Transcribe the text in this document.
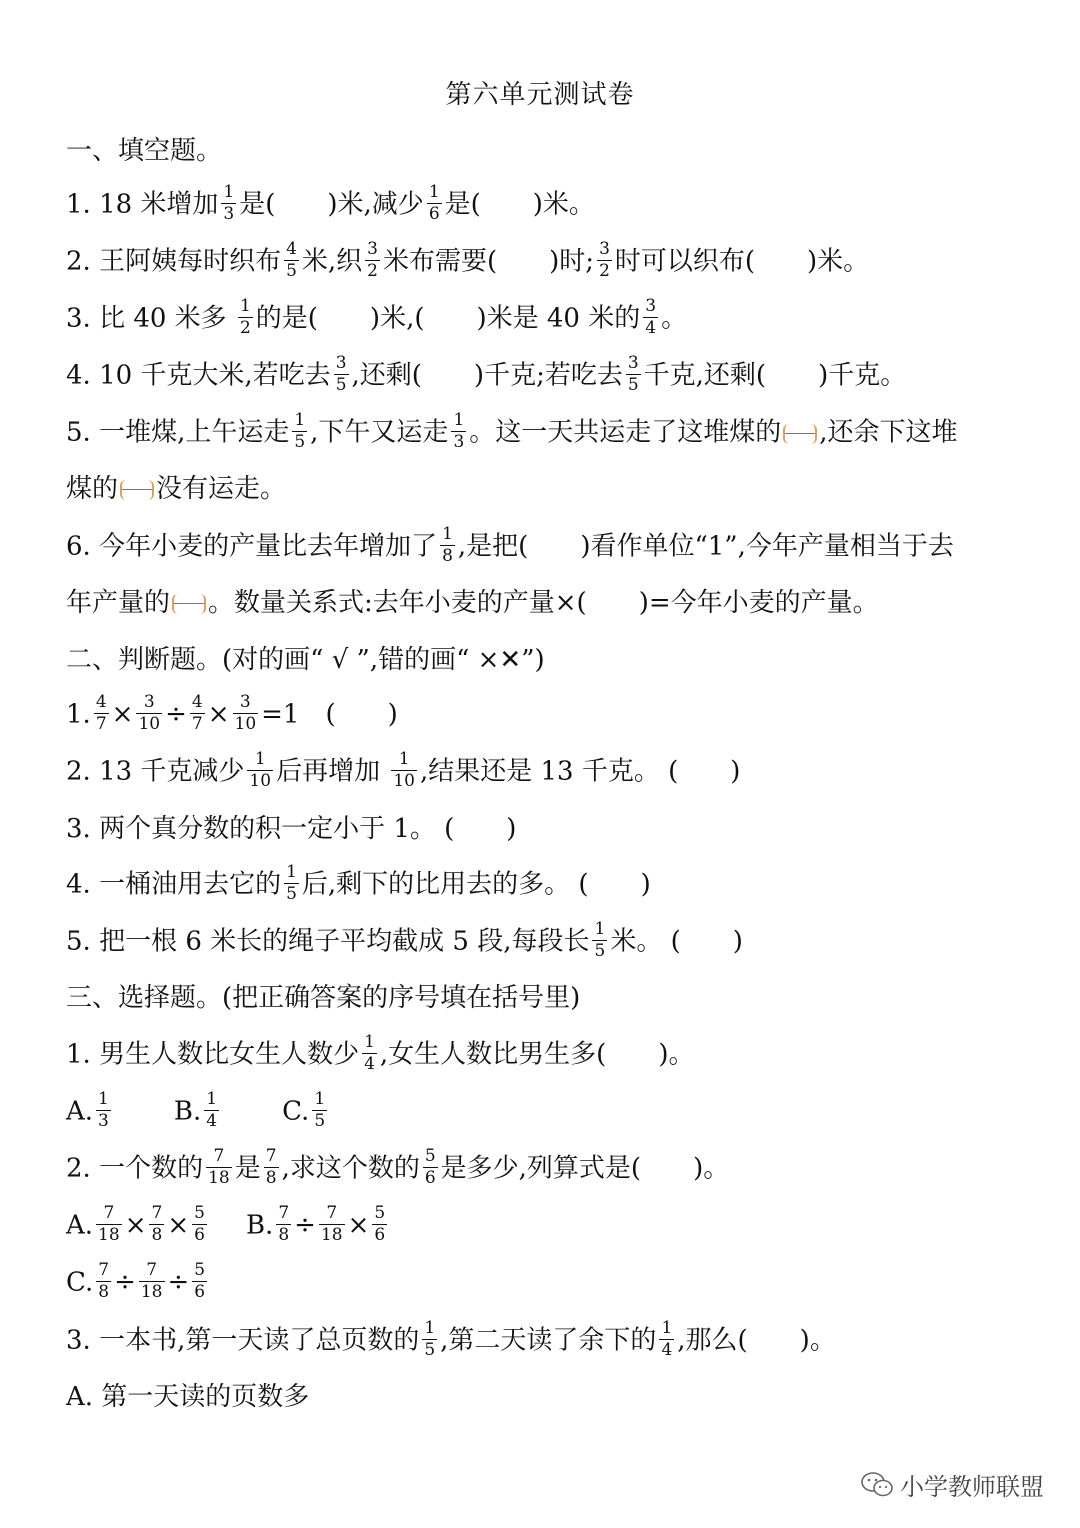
第六单元测试卷
一、填空题。
1. 18 米增加 $\frac{1}{3}$ 是(　　)米,减少 $\frac{1}{6}$ 是(　　)米。
2. 王阿姨每时织布 $\frac{4}{5}$ 米,织 $\frac{3}{2}$ 米布需要(　　)时; $\frac{3}{2}$ 时可以织布(　　)米。
3. 比 40 米多 $\frac{1}{2}$ 的是(　　)米,(　　)米是 40 米的 $\frac{3}{4}$ 。
4. 10 千克大米,若吃去 $\frac{3}{5}$ ,还剩(　　)千克;若吃去 $\frac{3}{5}$ 千克,还剩(　　)千克。
5. 一堆煤,上午运走 $\frac{1}{5}$ ,下午又运走 $\frac{1}{3}$ 。这一天共运走了这堆煤的 ,还余下这堆
煤的 没有运走。
6. 今年小麦的产量比去年增加了 $\frac{1}{8}$ ,是把(　　)看作单位“1”,今年产量相当于去
年产量的 。数量关系式:去年小麦的产量×(　　)=今年小麦的产量。
二、判断题。(对的画“ √ ”,错的画“ ×✕”)
1. $\frac{4}{7} \times \frac{3}{10} \div \frac{4}{7} \times \frac{3}{10} =1$　(　　)
2. 13 千克减少 $\frac{1}{10}$ 后再增加 $\frac{1}{10}$ ,结果还是 13 千克。 (　　)
3. 两个真分数的积一定小于 1。 (　　)
4. 一桶油用去它的 $\frac{1}{5}$ 后,剩下的比用去的多。 (　　)
5. 把一根 6 米长的绳子平均截成 5 段,每段长 $\frac{1}{5}$ 米。 (　　)
三、选择题。(把正确答案的序号填在括号里)
1. 男生人数比女生人数少 $\frac{1}{4}$ ,女生人数比男生多(　　)。
A. $\frac{1}{3} B$. $\frac{1}{4} C$. $\frac{1}{5}$
2. 一个数的 $\frac{7}{18}$ 是 $\frac{7}{8}$ ,求这个数的 $\frac{5}{6}$ 是多少,列算式是(　　)。
A. $\frac{7}{18} \times \frac{7}{8} \times \frac{5}{6} B$. $\frac{7}{8} \div \frac{7}{18} \times \frac{5}{6}$
C. $\frac{7}{8} \div \frac{7}{18} \div \frac{5}{6}$
3. 一本书,第一天读了总页数的 $\frac{1}{5}$ ,第二天读了余下的 $\frac{1}{4}$ ,那么(　　)。
A. 第一天读的页数多
小学教师联盟
